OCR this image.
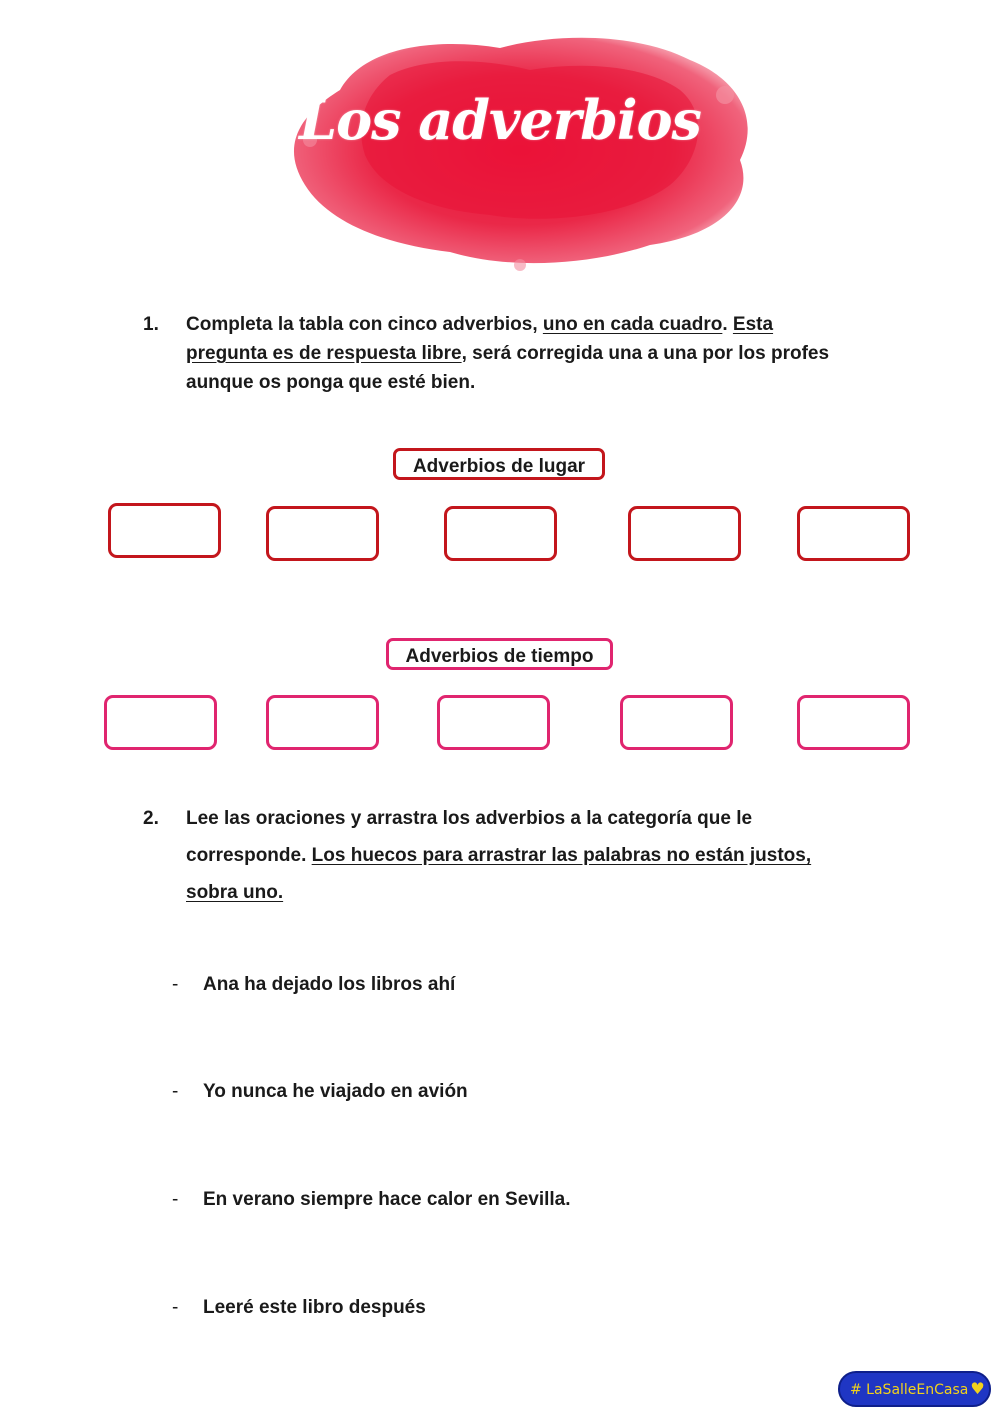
Los adverbios
1. Completa la tabla con cinco adverbios, uno en cada cuadro. Esta pregunta es de respuesta libre, será corregida una a una por los profes aunque os ponga que esté bien.
Adverbios de lugar
Adverbios de tiempo
2. Lee las oraciones y arrastra los adverbios a la categoría que le corresponde. Los huecos para arrastrar las palabras no están justos, sobra uno.
- Ana ha dejado los libros ahí
- Yo nunca he viajado en avión
- En verano siempre hace calor en Sevilla.
- Leeré este libro después
# LaSalleEnCasa ♥
